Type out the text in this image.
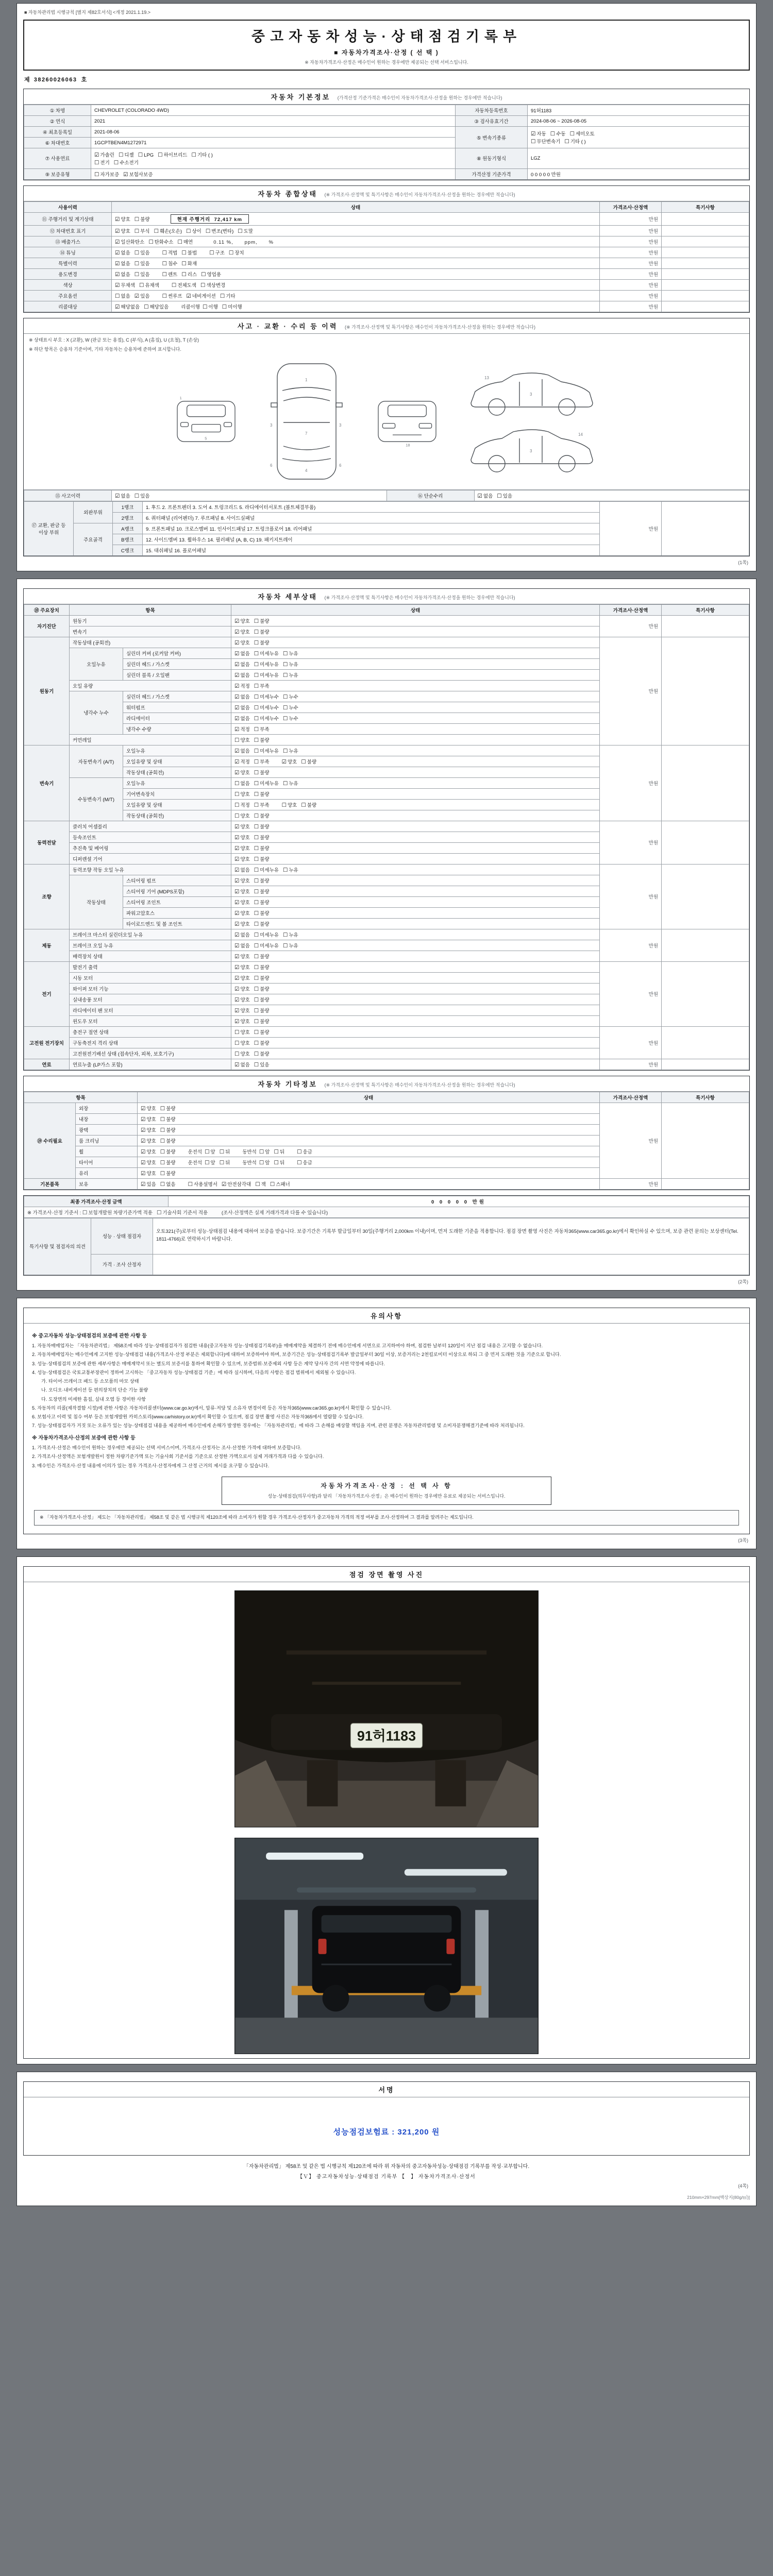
■ 자동차관리법 시행규칙 [별지 제82호서식] <개정 2021.1.19.>
중고자동차성능·상태점검기록부
■ 자동차가격조사·산정 ( 선 택 )
※ 자동차가격조사·산정은 매수인이 원하는 경우에만 제공되는 선택 서비스입니다.
제 38260026063 호
자동차 기본정보 (가격산정 기준가격은 매수인이 자동차가격조사·산정을 원하는 경우에만 적습니다)
① 차명	CHEVROLET (COLORADO 4WD)	자동차등록번호	91허1183
② 연식	2021	③ 검사유효기간	2024-08-06 ~ 2026-08-05
④ 최초등록일	2021-08-06	⑤ 변속기종류	☑ 자동 ☐ 수동 ☐ 세미오토
☐ 무단변속기 ☐ 기타 ( )

⑥ 차대번호	1GCPTBEN4M1272971		
⑦ 사용연료	☑ 가솔린 ☐ 디젤 ☐ LPG ☐ 하이브리드 ☐ 기타 ( )
☐ 전기 ☐ 수소전기	⑧ 원동기형식	LGZ
⑨ 보증유형	☐ 자가보증 ☑ 보험사보증	가격산정 기준가격	0 0 0 0 0 만원
자동차 종합상태 (※ 가격조사·산정액 및 특기사항은 매수인이 자동차가격조사·산정을 원하는 경우에만 적습니다)
사용이력	상태	가격조사·산정액	특기사항
⑪ 주행거리 및 계기상태	☑ 양호 ☐ 불량 현재 주행거리  72,417 km	만원	
⑫ 차대번호 표기	☑ 양호 ☐ 부식 ☐ 훼손(오손) ☐ 상이 ☐ 변조(변타) ☐ 도말	만원	
⑬ 배출가스	☑ 일산화탄소 ☐ 탄화수소 ☐ 매연 0.11 %,      ppm,      %	만원	
⑭ 튜닝	☑ 없음 ☐ 있음 ☐ 적법 ☐ 불법 ☐ 구조 ☐ 장치	만원	
특별이력	☑ 없음 ☐ 있음 ☐ 침수 ☐ 화재	만원	
용도변경	☑ 없음 ☐ 있음 ☐ 렌트 ☐ 리스 ☐ 영업용	만원	
색상	☑ 무채색 ☐ 유채색 ☐ 전체도색 ☐ 색상변경	만원	
주요옵션	☐ 없음 ☑ 있음 ☐ 썬루프 ☑ 네비게이션 ☐ 기타	만원	
리콜대상	☑ 해당없음 ☐ 해당있음 리콜이행 ☐ 이행 ☐ 미이행	만원	
사고 · 교환 · 수리 등 이력 (※ 가격조사·산정액 및 특기사항은 매수인이 자동차가격조사·산정을 원하는 경우에만 적습니다)
※ 상태표시 부호 : X (교환), W (판금 또는 용접), C (부식), A (흠집), U (요철), T (손상)
※ 하단 항목은 승용차 기준이며, 기타 자동차는 승용차에 준하여 표시합니다.
5
1
1
7
4
3	3
6
6
18
3
13
3
14
⑮ 사고이력	☑ 없음 ☐ 있음	⑯ 단순수리	☑ 없음 ☐ 있음
⑰ 교환, 판금 등 이상 부위	외판부위	1랭크	1. 후드 2. 프론트펜더 3. 도어 4. 트렁크리드 5. 라디에이터서포트 (볼트체결부품)	만원	
		2랭크	6. 쿼터패널 (리어펜더) 7. 루프패널 8. 사이드실패널		
	주요골격	A랭크	9. 프론트패널 10. 크로스멤버 11. 인사이드패널 17. 트렁크플로어 18. 리어패널		
		B랭크	12. 사이드멤버 13. 휠하우스 14. 필러패널 (A, B, C) 19. 패키지트레이		
		C랭크	15. 대쉬패널 16. 플로어패널		
(1쪽)
자동차 세부상태 (※ 가격조사·산정액 및 특기사항은 매수인이 자동차가격조사·산정을 원하는 경우에만 적습니다)
⑱ 주요장치	항목		상태	가격조사·산정액	특기사항
자기진단	원동기		☑ 양호 ☐ 불량	만원	
	변속기		☑ 양호 ☐ 불량		
원동기	작동상태 (공회전)		☑ 양호 ☐ 불량	만원	
	오일누유	실린더 커버 (로커암 커버)	☑ 없음 ☐ 미세누유 ☐ 누유		
		실린더 헤드 / 가스켓	☑ 없음 ☐ 미세누유 ☐ 누유		
		실린더 블록 / 오일팬	☑ 없음 ☐ 미세누유 ☐ 누유		
	오일 유량		☑ 적정 ☐ 부족		
	냉각수 누수	실린더 헤드 / 가스켓	☑ 없음 ☐ 미세누수 ☐ 누수		
		워터펌프	☑ 없음 ☐ 미세누수 ☐ 누수		
		라디에이터	☑ 없음 ☐ 미세누수 ☐ 누수		
		냉각수 수량	☑ 적정 ☐ 부족		
	커먼레일		☐ 양호 ☐ 불량		
변속기	자동변속기 (A/T)	오일누유	☑ 없음 ☐ 미세누유 ☐ 누유	만원	
		오일유량 및 상태	☑ 적정 ☐ 부족 ☑ 양호 ☐ 불량		
		작동상태 (공회전)	☑ 양호 ☐ 불량		
	수동변속기 (M/T)	오일누유	☐ 없음 ☐ 미세누유 ☐ 누유		
		기어변속장치	☐ 양호 ☐ 불량		
		오일유량 및 상태	☐ 적정 ☐ 부족 ☐ 양호 ☐ 불량		
		작동상태 (공회전)	☐ 양호 ☐ 불량		
동력전달	클러치 어셈블리		☑ 양호 ☐ 불량	만원	
	등속조인트		☑ 양호 ☐ 불량		
	추진축 및 베어링		☑ 양호 ☐ 불량		
	디퍼렌셜 기어		☑ 양호 ☐ 불량		
조향	동력조향 작동 오일 누유		☑ 없음 ☐ 미세누유 ☐ 누유	만원	
	작동상태	스티어링 펌프	☑ 양호 ☐ 불량		
		스티어링 기어 (MDPS포함)	☑ 양호 ☐ 불량		
		스티어링 조인트	☑ 양호 ☐ 불량		
		파워고압호스	☑ 양호 ☐ 불량		
		타이로드엔드 및 볼 조인트	☑ 양호 ☐ 불량		
제동	브레이크 마스터 실린더오일 누유		☑ 없음 ☐ 미세누유 ☐ 누유	만원	
	브레이크 오일 누유		☑ 없음 ☐ 미세누유 ☐ 누유		
	배력장치 상태		☑ 양호 ☐ 불량		
전기	발전기 출력		☑ 양호 ☐ 불량	만원	
	시동 모터		☑ 양호 ☐ 불량		
	와이퍼 모터 기능		☑ 양호 ☐ 불량		
	실내송풍 모터		☑ 양호 ☐ 불량		
	라디에이터 팬 모터		☑ 양호 ☐ 불량		
	윈도우 모터		☑ 양호 ☐ 불량		
고전원 전기장치	충전구 절연 상태		☐ 양호 ☐ 불량	만원	
	구동축전지 격리 상태		☐ 양호 ☐ 불량		
	고전원전기배선 상태 (접속단자, 피복, 보호기구)		☐ 양호 ☐ 불량		
연료	연료누출 (LP가스 포함)		☑ 없음 ☐ 있음	만원	
자동차 기타정보 (※ 가격조사·산정액 및 특기사항은 매수인이 자동차가격조사·산정을 원하는 경우에만 적습니다)
항목		상태	가격조사·산정액	특기사항
⑲ 수리필요	외장	☑ 양호 ☐ 불량	만원	
	내장	☑ 양호 ☐ 불량		
	광택	☑ 양호 ☐ 불량		
	룸 크리닝	☑ 양호 ☐ 불량		
	휠	☑ 양호 ☐ 불량 운전석 ☐ 앞 ☐ 뒤 동반석 ☐ 앞 ☐ 뒤 ☐ 응급		
	타이어	☑ 양호 ☐ 불량 운전석 ☐ 앞 ☐ 뒤 동반석 ☐ 앞 ☐ 뒤 ☐ 응급		
	유리	☑ 양호 ☐ 불량		
기본품목	보유	☑ 있음 ☐ 없음 ☐ 사용설명서 ☑ 안전삼각대 ☐ 잭 ☐ 스패너	만원	
최종 가격조사·산정 금액	0 0 0 0 0 만원
※ 가격조사·산정 기준서 : ☐ 보험개발원 차량기준가액 적용 ☐ 기술사회 기준서 적용	(조사·산정액은 실제 거래가격과 다를 수 있습니다)
특기사항 및 점검자의 의견	성능 · 상태 점검자	오토321(주)로부터 성능·상태점검 내용에 대하여 보증을 받습니다. 보증기간은 기록부 발급일부터 30일(주행거리 2,000km 이내)이며, 먼저 도래한 기준을 적용합니다. 점검 장면 촬영 사진은 자동차365(www.car365.go.kr)에서 확인하실 수 있으며, 보증 관련 문의는 보상센터(Tel. 1811-4766)로 연락하시기 바랍니다.
	가격 · 조사 산정자	
(2쪽)
유의사항
※ 중고자동차 성능·상태점검의 보증에 관한 사항 등
1. 자동차매매업자는 「자동차관리법」 제58조에 따라 성능·상태점검자가 점검한 내용(중고자동차 성능·상태점검기록부)을 매매계약을 체결하기 전에 매수인에게 서면으로 고지하여야 하며, 점검한 날부터 120일이 지난 점검 내용은 고지할 수 없습니다.
2. 자동차매매업자는 매수인에게 고지한 성능·상태점검 내용(가격조사·산정 부분은 제외합니다)에 대하여 보증하여야 하며, 보증기간은 성능·상태점검기록부 발급일부터 30일 이상, 보증거리는 2천킬로미터 이상으로 하되 그 중 먼저 도래한 것을 기준으로 합니다.
3. 성능·상태점검의 보증에 관한 세부사항은 매매계약서 또는 별도의 보증서를 통하여 확인할 수 있으며, 보증범위·보증제외 사항 등은 계약 당사자 간의 서면 약정에 따릅니다.
4. 성능·상태점검은 국토교통부장관이 정하여 고시하는 「중고자동차 성능·상태점검 기준」에 따라 실시하며, 다음의 사항은 점검 범위에서 제외될 수 있습니다.
가. 타이어·브레이크 패드 등 소모품의 마모 상태
나. 오디오·내비게이션 등 편의장치의 단순 기능 불량
다. 도장면의 미세한 흠집, 실내 오염 등 경미한 사항
5. 자동차의 리콜(제작결함 시정)에 관한 사항은 자동차리콜센터(www.car.go.kr)에서, 압류·저당 및 소유자 변경이력 등은 자동차365(www.car365.go.kr)에서 확인할 수 있습니다.
6. 보험사고 이력 및 침수 여부 등은 보험개발원 카히스토리(www.carhistory.or.kr)에서 확인할 수 있으며, 점검 장면 촬영 사진은 자동차365에서 열람할 수 있습니다.
7. 성능·상태점검자가 거짓 또는 오류가 있는 성능·상태점검 내용을 제공하여 매수인에게 손해가 발생한 경우에는 「자동차관리법」에 따라 그 손해를 배상할 책임을 지며, 관련 분쟁은 자동차관리법령 및 소비자분쟁해결기준에 따라 처리됩니다.
※ 자동차가격조사·산정의 보증에 관한 사항 등
1. 가격조사·산정은 매수인이 원하는 경우에만 제공되는 선택 서비스이며, 가격조사·산정자는 조사·산정한 가격에 대하여 보증합니다.
2. 가격조사·산정액은 보험개발원이 정한 차량기준가액 또는 기술사회 기준서를 기준으로 산정한 가액으로서 실제 거래가격과 다를 수 있습니다.
3. 매수인은 가격조사·산정 내용에 이의가 있는 경우 가격조사·산정자에게 그 산정 근거의 제시를 요구할 수 있습니다.
자동차가격조사·산정 : 선 택 사 항
성능·상태점검(의무사항)과 달리 「자동차가격조사·산정」은 매수인이 원하는 경우에만 유료로 제공되는 서비스입니다.
※ 「자동차가격조사·산정」 제도는 「자동차관리법」 제58조 및 같은 법 시행규칙 제120조에 따라 소비자가 원할 경우 가격조사·산정자가 중고자동차 가격의 적정 여부를 조사·산정하여 그 결과를 알려주는 제도입니다.
(3쪽)
점검 장면 촬영 사진
91허1183
서명
성능점검보험료 : 321,200 원
「자동차관리법」 제58조 및 같은 법 시행규칙 제120조에 따라 위 자동차의 중고자동차성능·상태점검 기록부를 작성·교부합니다.
【Ｖ】 중고자동차성능·상태점검 기록부 【　】 자동차가격조사·산정서
(4쪽)
210mm×297mm[백상지(80g/㎡)]
